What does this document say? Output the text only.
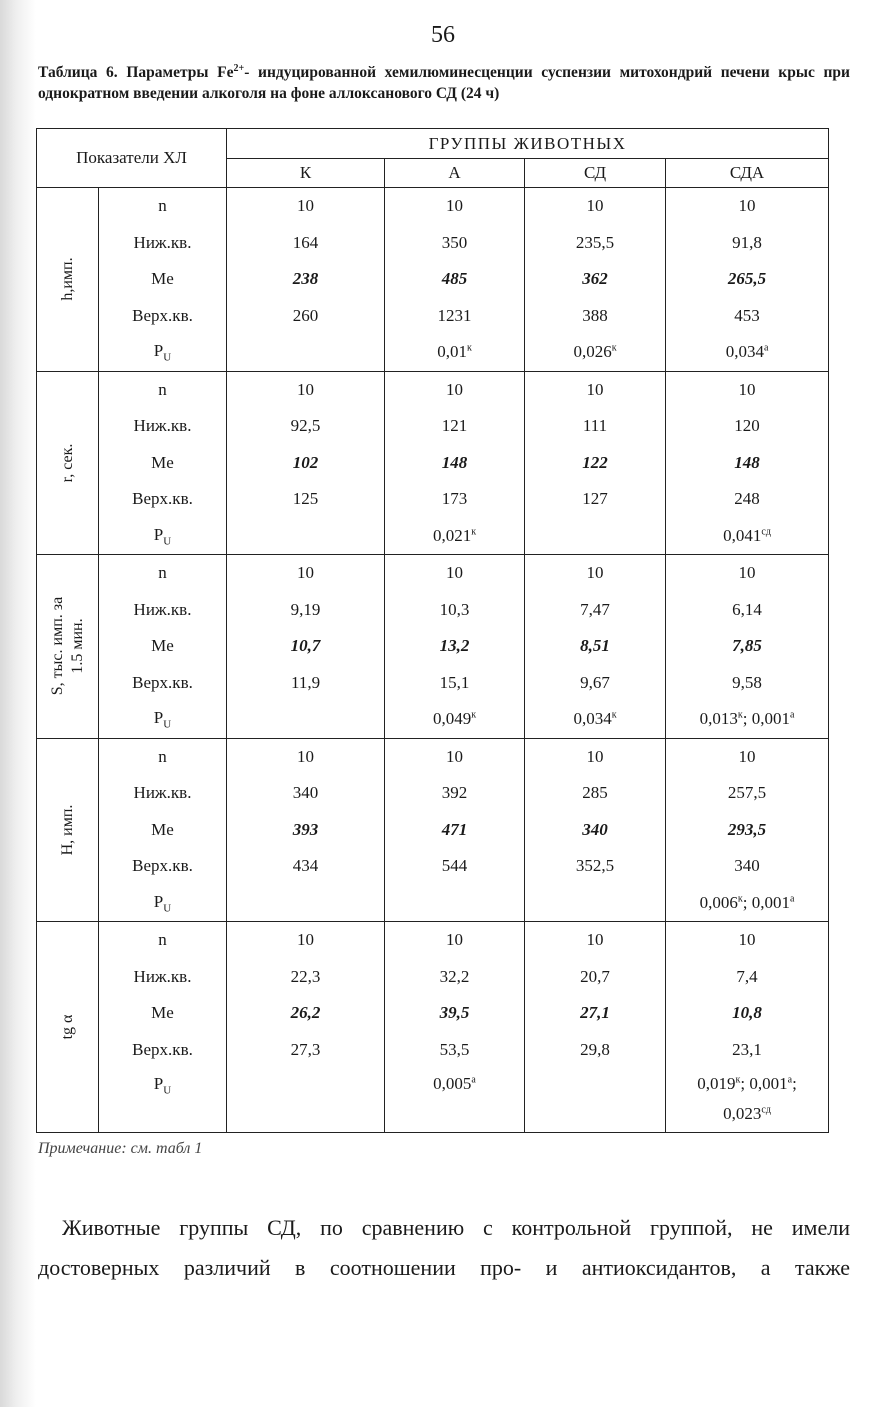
56
Таблица 6. Параметры $Fe^{2+}-$ индуцированной хемилюминесценции суспензии митохондрий печени крыс при однократном введении алкоголя на фоне аллоксанового СД (24 ч)
Показатели ХЛ		ГРУППЫ ЖИВОТНЫХ			
		К	А	СД	СДА

h,имп.	n	10	10	10	10
	Ниж.кв.	164	350	235,5	91,8
	Me	238	485	362	265,5
	Верх.кв.	260	1231	388	453
	$P_U$		$0,01^к$	$0,026^к$	$0,034^а$

r, сек.	n	10	10	10	10
	Ниж.кв.	92,5	121	111	120
	Me	102	148	122	148
	Верх.кв.	125	173	127	248
	$P_U$		$0,021^к$		$0,041^{сд}$

S, тыс. имп. за 1.5 мин.	n	10	10	10	10
	Ниж.кв.	9,19	10,3	7,47	6,14
	Me	10,7	13,2	8,51	7,85
	Верх.кв.	11,9	15,1	9,67	9,58
	$P_U$		$0,049^к$	$0,034^к$	$0,013^к$; $0,001^а$

H, имп.	n	10	10	10	10
	Ниж.кв.	340	392	285	257,5
	Me	393	471	340	293,5
	Верх.кв.	434	544	352,5	340
	$P_U$				$0,006^к$; $0,001^а$

tg α	n	10	10	10	10
	Ниж.кв.	22,3	32,2	20,7	7,4
	Me	26,2	39,5	27,1	10,8
	Верх.кв.	27,3	53,5	29,8	23,1
	$P_U$		$0,005^а$		$0,019^к$; $0,001^а$;
$0,023^{сд}$
Примечание: см. табл 1
Животные группы СД, по сравнению с контрольной группой, не имели достоверных различий в соотношении про- и антиоксидантов, а также
